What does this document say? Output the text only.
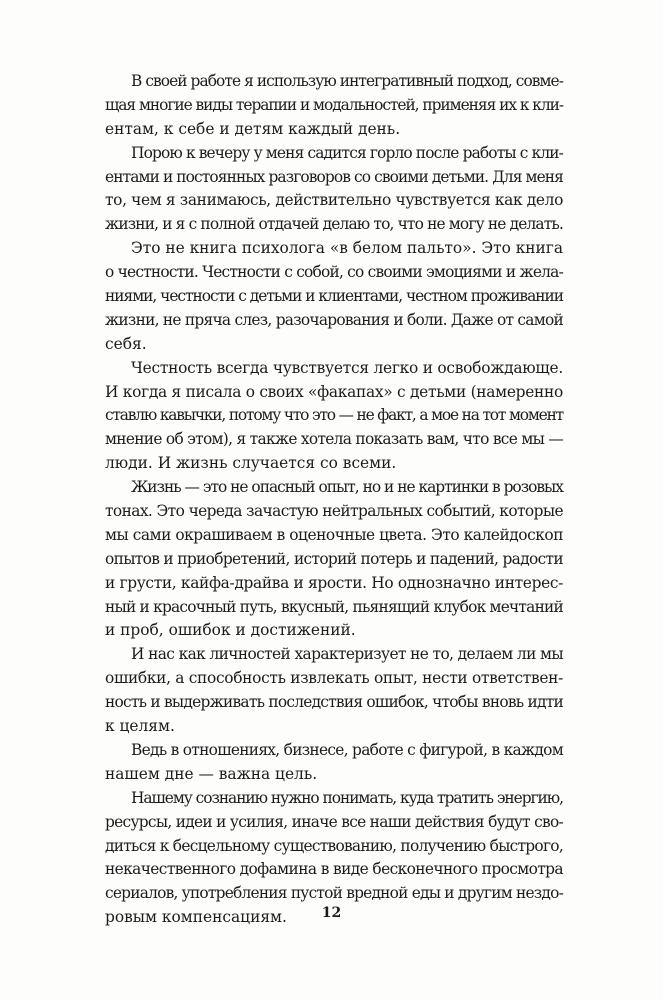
В своей работе я использую интегративный подход, совме-
щая многие виды терапии и модальностей, применяя их к кли-
ентам, к себе и детям каждый день.
Порою к вечеру у меня садится горло после работы с кли-
ентами и постоянных разговоров со своими детьми. Для меня
то, чем я занимаюсь, действительно чувствуется как дело
жизни, и я с полной отдачей делаю то, что не могу не делать.
Это не книга психолога «в белом пальто». Это книга
о честности. Честности с собой, со своими эмоциями и жела-
ниями, честности с детьми и клиентами, честном проживании
жизни, не пряча слез, разочарования и боли. Даже от самой
себя.
Честность всегда чувствуется легко и освобождающе.
И когда я писала о своих «факапах» с детьми (намеренно
ставлю кавычки, потому что это — не факт, а мое на тот момент
мнение об этом), я также хотела показать вам, что все мы —
люди. И жизнь случается со всеми.
Жизнь — это не опасный опыт, но и не картинки в розовых
тонах. Это череда зачастую нейтральных событий, которые
мы сами окрашиваем в оценочные цвета. Это калейдоскоп
опытов и приобретений, историй потерь и падений, радости
и грусти, кайфа-драйва и ярости. Но однозначно интерес-
ный и красочный путь, вкусный, пьянящий клубок мечтаний
и проб, ошибок и достижений.
И нас как личностей характеризует не то, делаем ли мы
ошибки, а способность извлекать опыт, нести ответствен-
ность и выдерживать последствия ошибок, чтобы вновь идти
к целям.
Ведь в отношениях, бизнесе, работе с фигурой, в каждом
нашем дне — важна цель.
Нашему сознанию нужно понимать, куда тратить энергию,
ресурсы, идеи и усилия, иначе все наши действия будут сво-
диться к бесцельному существованию, получению быстрого,
некачественного дофамина в виде бесконечного просмотра
сериалов, употребления пустой вредной еды и другим нездо-
ровым компенсациям.	12
